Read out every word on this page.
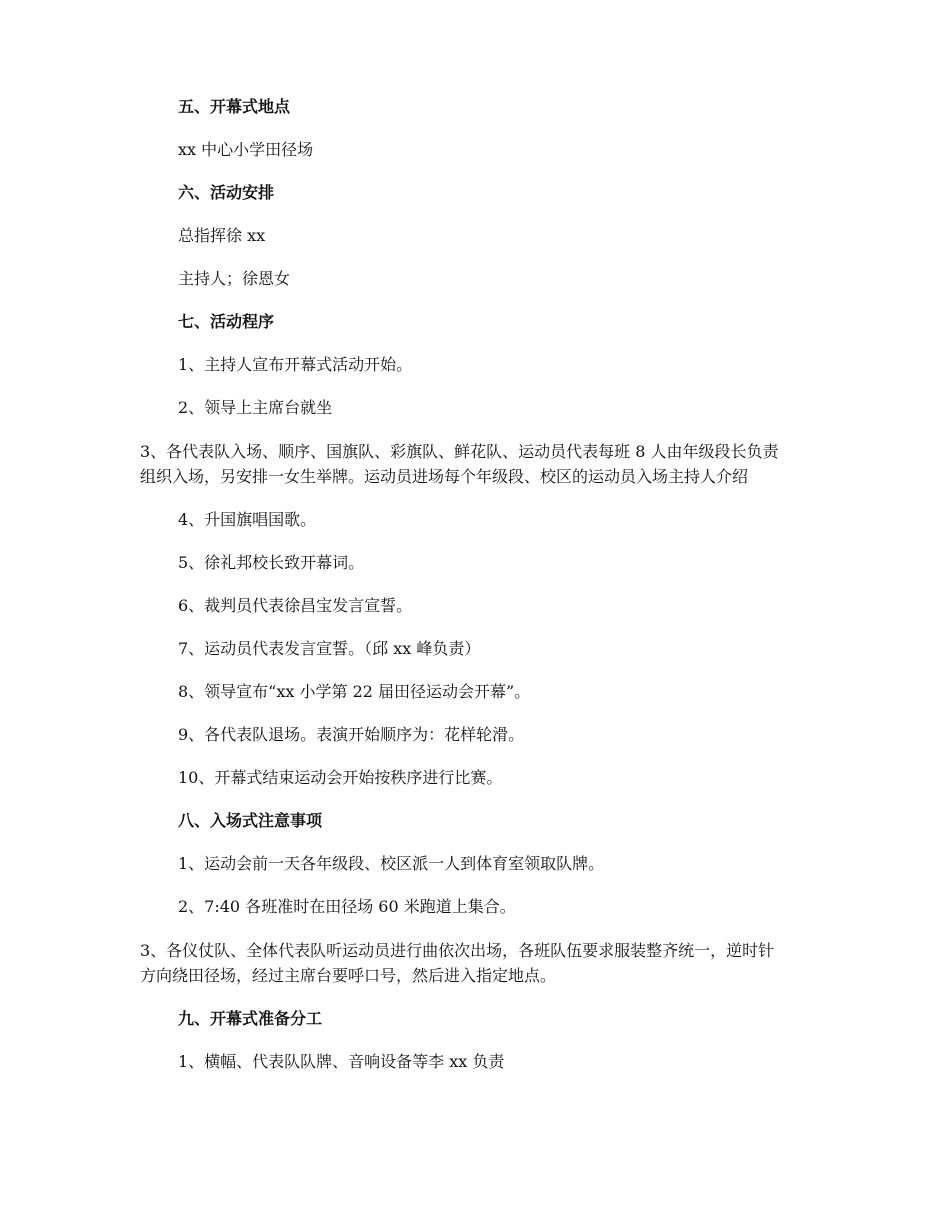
五、开幕式地点
xx 中心小学田径场
六、活动安排
总指挥徐 xx
主持人；徐恩女
七、活动程序
1、主持人宣布开幕式活动开始。
2、领导上主席台就坐
3、各代表队入场、顺序、国旗队、彩旗队、鲜花队、运动员代表每班 8 人由年级段长负责组织入场，另安排一女生举牌。运动员进场每个年级段、校区的运动员入场主持人介绍
4、升国旗唱国歌。
5、徐礼邦校长致开幕词。
6、裁判员代表徐昌宝发言宣誓。
7、运动员代表发言宣誓。（邱 xx 峰负责）
8、领导宣布“xx 小学第 22 届田径运动会开幕”。
9、各代表队退场。表演开始顺序为：花样轮滑。
10、开幕式结束运动会开始按秩序进行比赛。
八、入场式注意事项
1、运动会前一天各年级段、校区派一人到体育室领取队牌。
2、7:40 各班准时在田径场 60 米跑道上集合。
3、各仪仗队、全体代表队听运动员进行曲依次出场，各班队伍要求服装整齐统一，逆时针方向绕田径场，经过主席台要呼口号，然后进入指定地点。
九、开幕式准备分工
1、横幅、代表队队牌、音响设备等李 xx 负责
